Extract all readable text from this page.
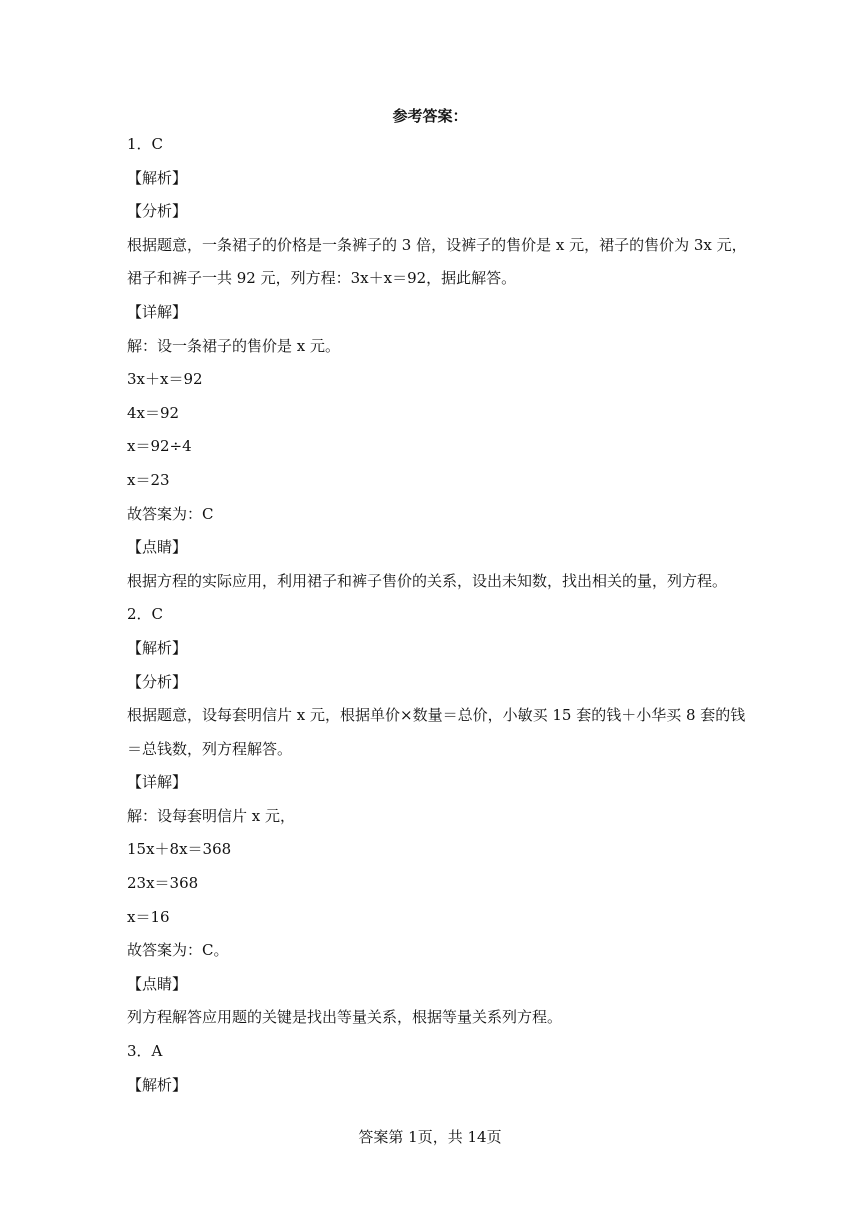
参考答案：
1．C
【解析】
【分析】
根据题意，一条裙子的价格是一条裤子的 3 倍，设裤子的售价是 x 元，裙子的售价为 3x 元，
裙子和裤子一共 92 元，列方程：3x＋x＝92，据此解答。
【详解】
解：设一条裙子的售价是 x 元。
3x＋x＝92
4x＝92
x＝92÷4
x＝23
故答案为：C
【点睛】
根据方程的实际应用，利用裙子和裤子售价的关系，设出未知数，找出相关的量，列方程。
2．C
【解析】
【分析】
根据题意，设每套明信片 x 元，根据单价×数量＝总价，小敏买 15 套的钱＋小华买 8 套的钱
＝总钱数，列方程解答。
【详解】
解：设每套明信片 x 元，
15x＋8x＝368
23x＝368
x＝16
故答案为：C。
【点睛】
列方程解答应用题的关键是找出等量关系，根据等量关系列方程。
3．A
【解析】
答案第 1页，共 14页
